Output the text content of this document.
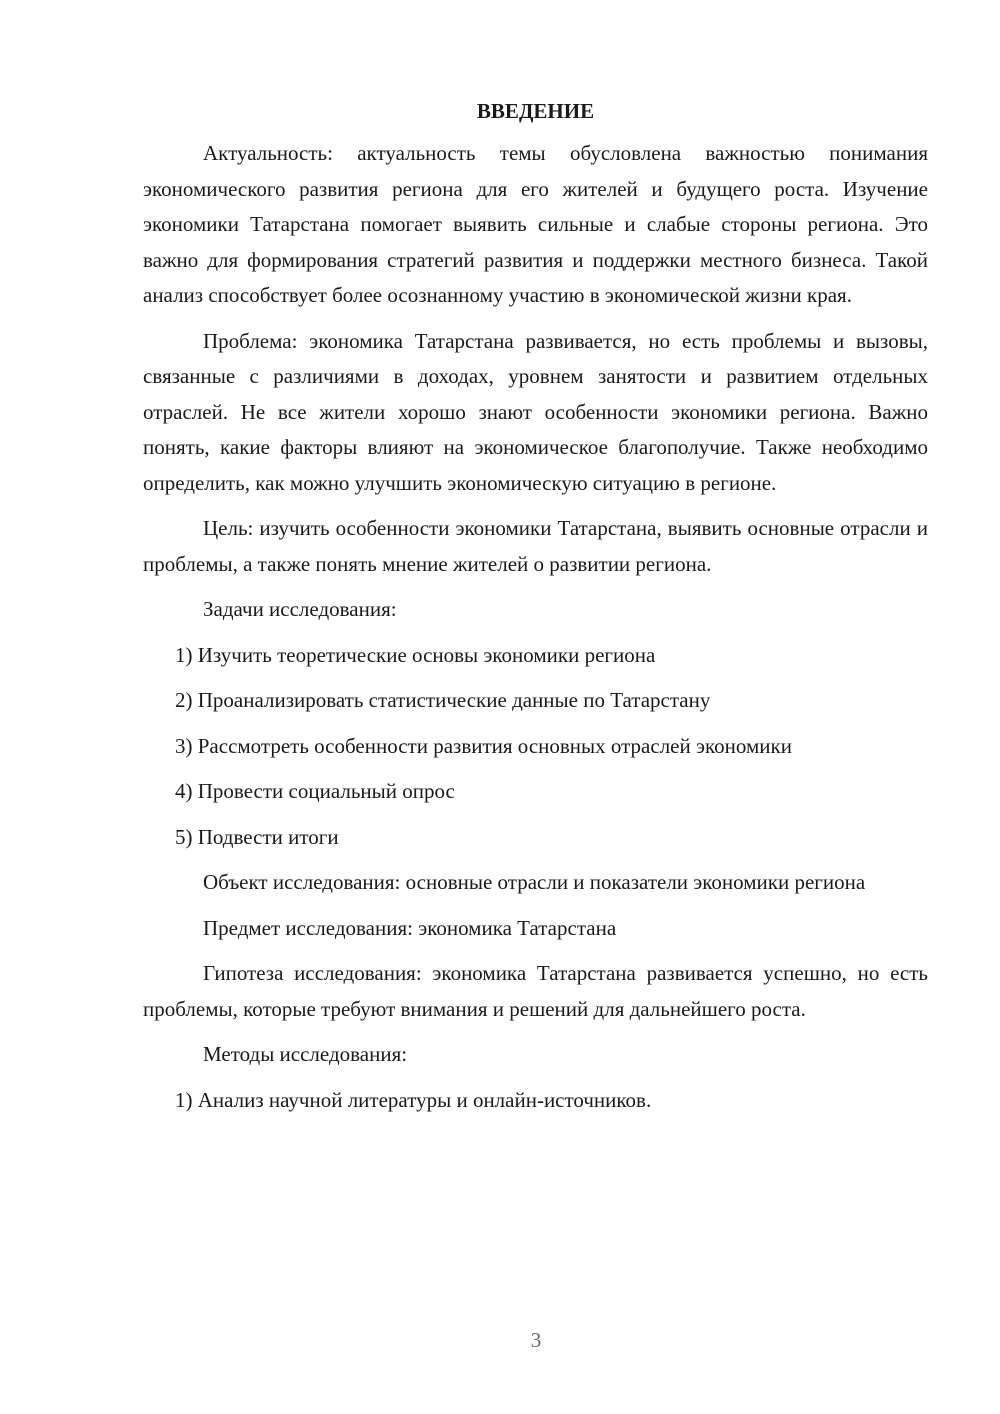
ВВЕДЕНИЕ

Актуальность: актуальность темы обусловлена важностью понимания экономического развития региона для его жителей и будущего роста. Изучение экономики Татарстана помогает выявить сильные и слабые стороны региона. Это важно для формирования стратегий развития и поддержки местного бизнеса. Такой анализ способствует более осознанному участию в экономической жизни края.

Проблема: экономика Татарстана развивается, но есть проблемы и вызовы, связанные с различиями в доходах, уровнем занятости и развитием отдельных отраслей. Не все жители хорошо знают особенности экономики региона. Важно понять, какие факторы влияют на экономическое благополучие. Также необходимо определить, как можно улучшить экономическую ситуацию в регионе.

Цель: изучить особенности экономики Татарстана, выявить основные отрасли и проблемы, а также понять мнение жителей о развитии региона.

Задачи исследования:

1) Изучить теоретические основы экономики региона

2) Проанализировать статистические данные по Татарстану

3) Рассмотреть особенности развития основных отраслей экономики

4) Провести социальный опрос

5) Подвести итоги

Объект исследования: основные отрасли и показатели экономики региона

Предмет исследования: экономика Татарстана

Гипотеза исследования: экономика Татарстана развивается успешно, но есть проблемы, которые требуют внимания и решений для дальнейшего роста.

Методы исследования:

1) Анализ научной литературы и онлайн-источников.

3
